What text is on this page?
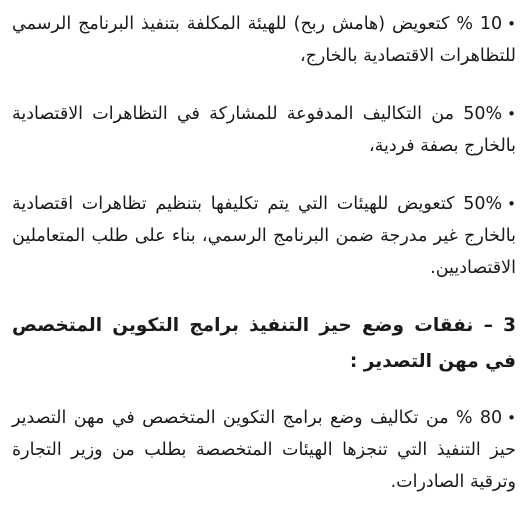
•10 % كتعويض (هامش ربح) للهيئة المكلفة بتنفيذ البرنامج الرسمي للتظاهرات الاقتصادية بالخارج،

•50% من التكاليف المدفوعة للمشاركة في التظاهرات الاقتصادية بالخارج بصفة فردية،

•50% كتعويض للهيئات التي يتم تكليفها بتنظيم تظاهرات اقتصادية بالخارج غير مدرجة ضمن البرنامج الرسمي، بناء على طلب المتعاملين الاقتصاديين.

3 – نفقات وضع حيز التنفيذ برامج التكوين المتخصص في مهن التصدير :

•80 % من تكاليف وضع برامج التكوين المتخصص في مهن التصدير حيز التنفيذ التي تنجزها الهيئات المتخصصة بطلب من وزير التجارة وترقية الصادرات.
